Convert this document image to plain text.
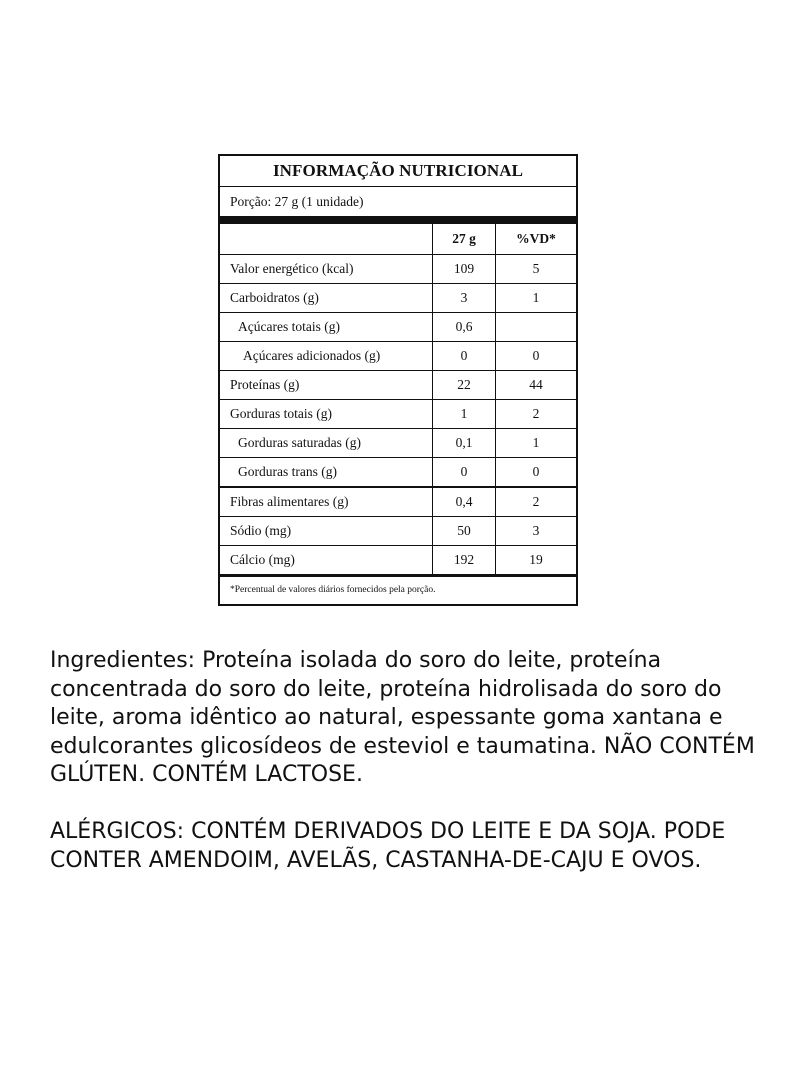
INFORMAÇÃO NUTRICIONAL
Porção: 27 g (1 unidade)
	27 g	%VD*
Valor energético (kcal)	109	5
Carboidratos (g)	3	1
Açúcares totais (g)	0,6	
Açúcares adicionados (g)	0	0
Proteínas (g)	22	44
Gorduras totais (g)	1	2
Gorduras saturadas (g)	0,1	1
Gorduras trans (g)	0	0
Fibras alimentares (g)	0,4	2
Sódio (mg)	50	3
Cálcio (mg)	192	19
*Percentual de valores diários fornecidos pela porção.

Ingredientes: Proteína isolada do soro do leite, proteína concentrada do soro do leite, proteína hidrolisada do soro do leite, aroma idêntico ao natural, espessante goma xantana e edulcorantes glicosídeos de esteviol e taumatina. NÃO CONTÉM GLÚTEN. CONTÉM LACTOSE.

ALÉRGICOS: CONTÉM DERIVADOS DO LEITE E DA SOJA. PODE CONTER AMENDOIM, AVELÃS, CASTANHA-DE-CAJU E OVOS.
